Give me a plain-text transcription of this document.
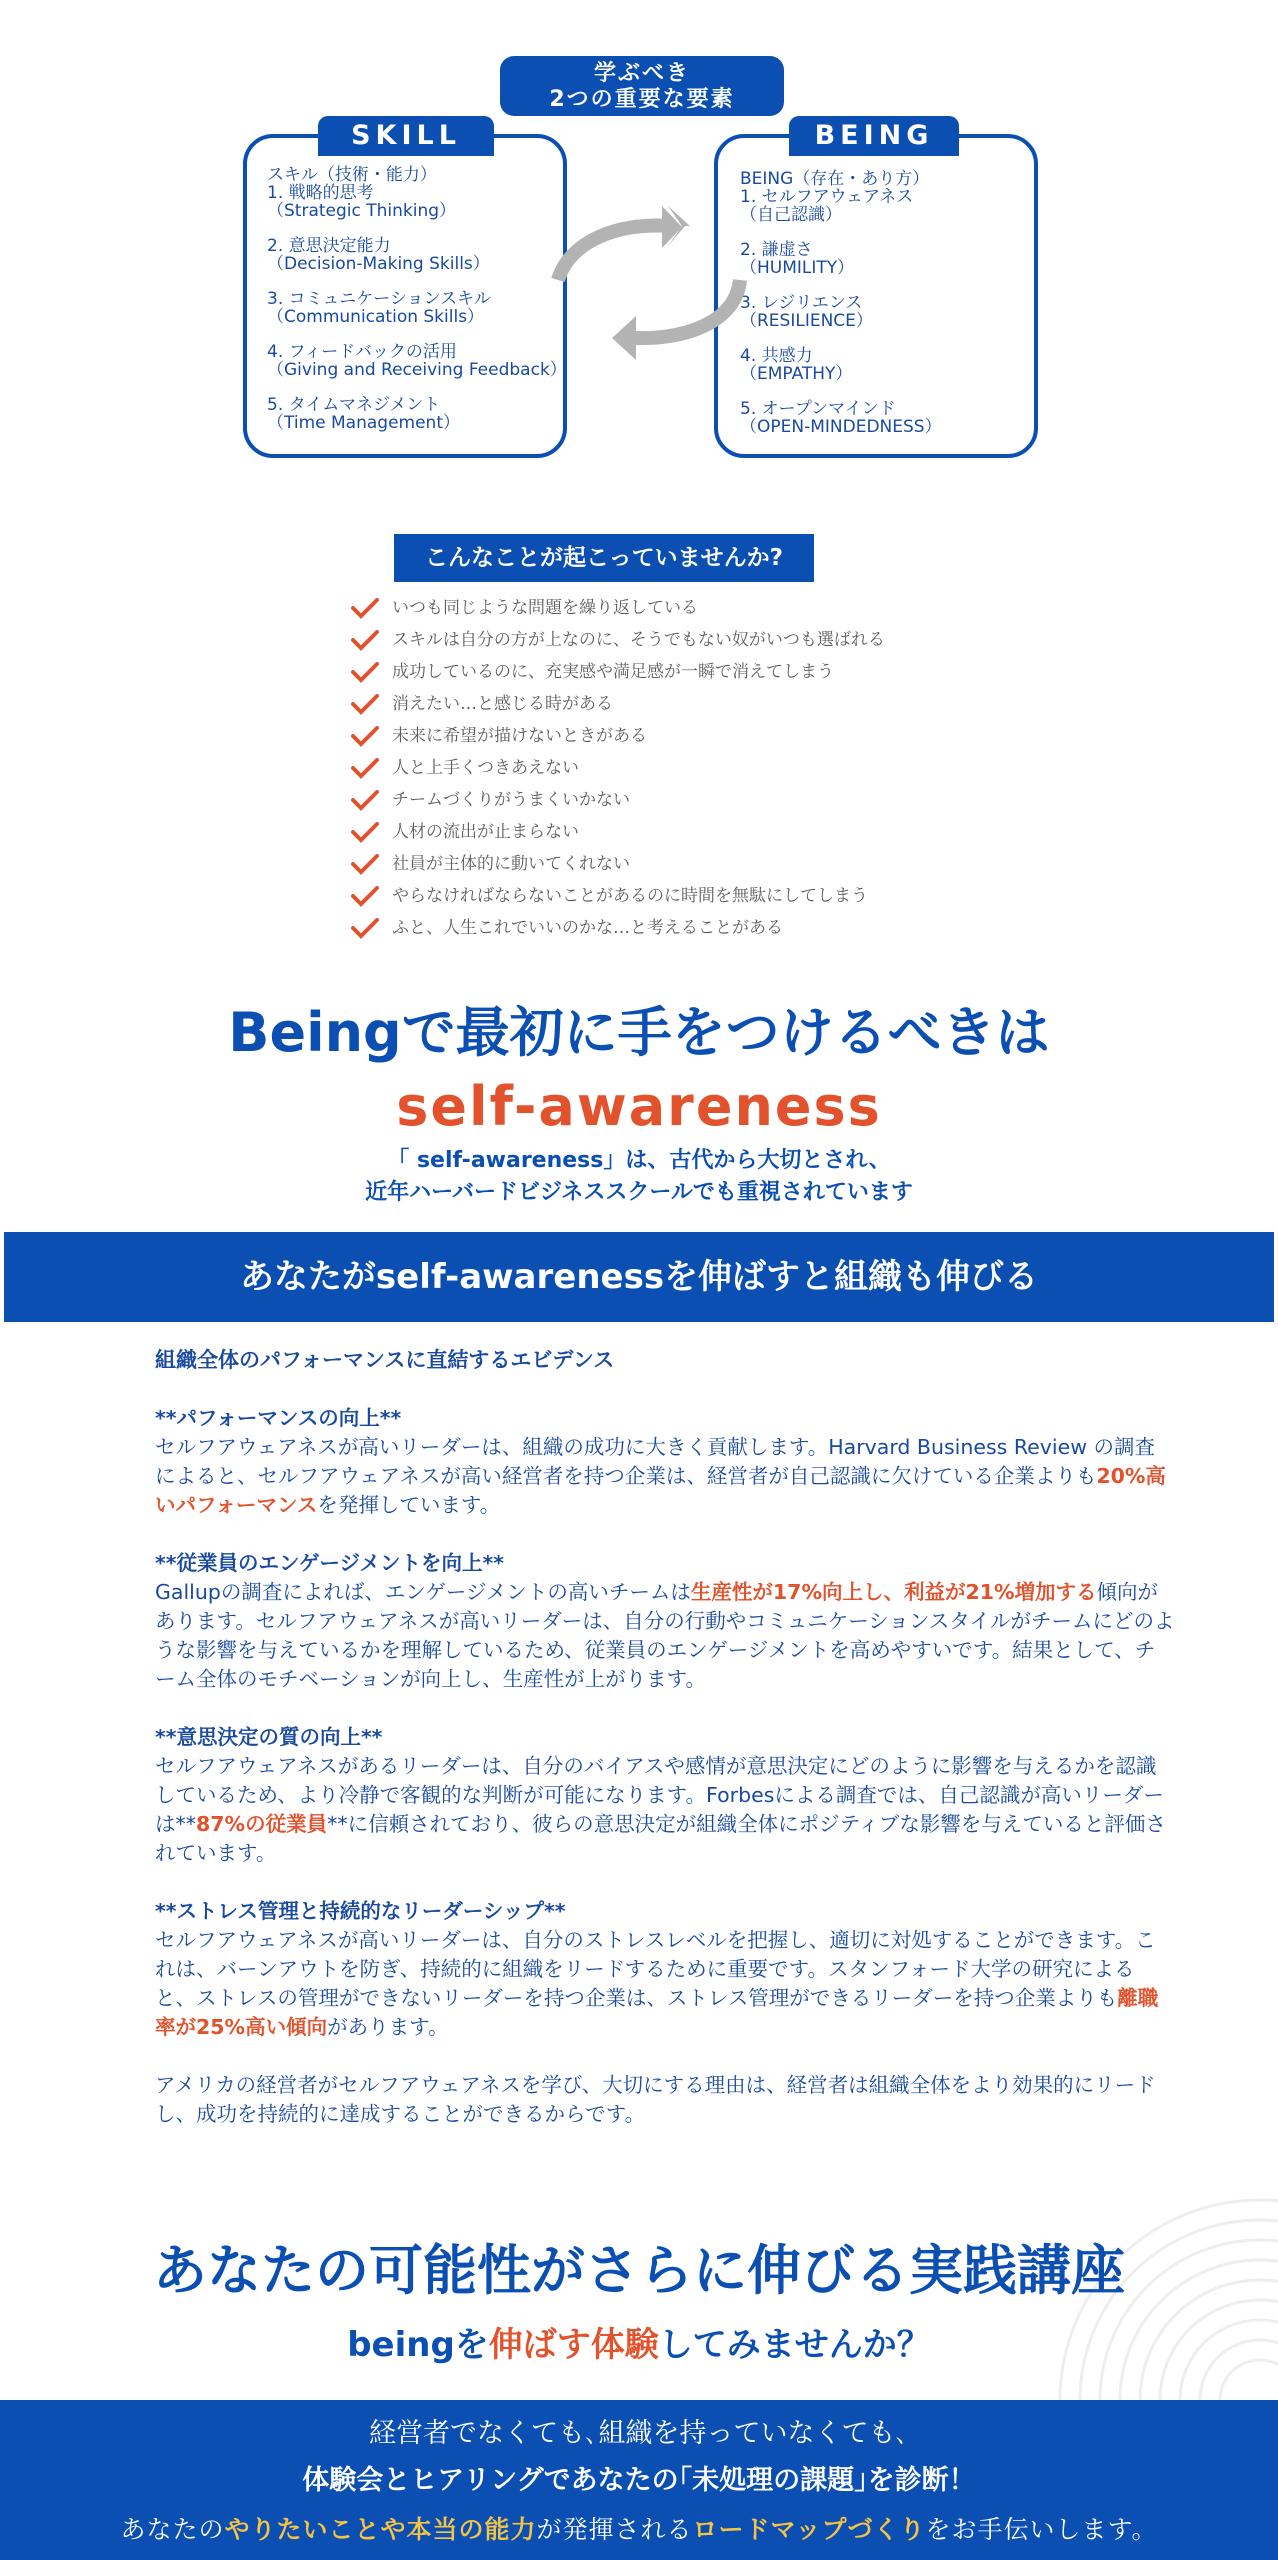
学ぶべき
2つの重要な要素
SKILL
スキル（技術・能力）
1. 戦略的思考
（Strategic Thinking）
2. 意思決定能力
（Decision-Making Skills）
3. コミュニケーションスキル
（Communication Skills）
4. フィードバックの活用
（Giving and Receiving Feedback）
5. タイムマネジメント
（Time Management）
BEING
BEING（存在・あり方）
1. セルフアウェアネス
（自己認識）
2. 謙虚さ
（HUMILITY）
3. レジリエンス
（RESILIENCE）
4. 共感力
（EMPATHY）
5. オープンマインド
（OPEN-MINDEDNESS）
こんなことが起こっていませんか?
いつも同じような問題を繰り返している
スキルは自分の方が上なのに、そうでもない奴がいつも選ばれる
成功しているのに、充実感や満足感が一瞬で消えてしまう
消えたい…と感じる時がある
未来に希望が描けないときがある
人と上手くつきあえない
チームづくりがうまくいかない
人材の流出が止まらない
社員が主体的に動いてくれない
やらなければならないことがあるのに時間を無駄にしてしまう
ふと、人生これでいいのかな…と考えることがある
Beingで最初に手をつけるべきは
self-awareness
「 self-awareness」は、古代から大切とされ、
近年ハーバードビジネススクールでも重視されています
あなたがself-awarenessを伸ばすと組織も伸びる
組織全体のパフォーマンスに直結するエビデンス
**パフォーマンスの向上**
セルフアウェアネスが高いリーダーは、組織の成功に大きく貢献します。Harvard Business Review の調査によると、セルフアウェアネスが高い経営者を持つ企業は、経営者が自己認識に欠けている企業よりも20%高いパフォーマンスを発揮しています。
**従業員のエンゲージメントを向上**
Gallupの調査によれば、エンゲージメントの高いチームは生産性が17%向上し、利益が21%増加する傾向があります。セルフアウェアネスが高いリーダーは、自分の行動やコミュニケーションスタイルがチームにどのような影響を与えているかを理解しているため、従業員のエンゲージメントを高めやすいです。結果として、チーム全体のモチベーションが向上し、生産性が上がります。
**意思決定の質の向上**
セルフアウェアネスがあるリーダーは、自分のバイアスや感情が意思決定にどのように影響を与えるかを認識しているため、より冷静で客観的な判断が可能になります。Forbesによる調査では、自己認識が高いリーダーは**87%の従業員**に信頼されており、彼らの意思決定が組織全体にポジティブな影響を与えていると評価されています。
**ストレス管理と持続的なリーダーシップ**
セルフアウェアネスが高いリーダーは、自分のストレスレベルを把握し、適切に対処することができます。これは、バーンアウトを防ぎ、持続的に組織をリードするために重要です。スタンフォード大学の研究によると、ストレスの管理ができないリーダーを持つ企業は、ストレス管理ができるリーダーを持つ企業よりも離職率が25%高い傾向があります。
アメリカの経営者がセルフアウェアネスを学び、大切にする理由は、経営者は組織全体をより効果的にリードし、成功を持続的に達成することができるからです。
あなたの可能性がさらに伸びる実践講座
beingを伸ばす体験してみませんか？
経営者でなくても､組織を持っていなくても､
体験会とヒアリングであなたの｢未処理の課題｣を診断！
あなたのやりたいことや本当の能力が発揮されるロードマップづくりをお手伝いします。
